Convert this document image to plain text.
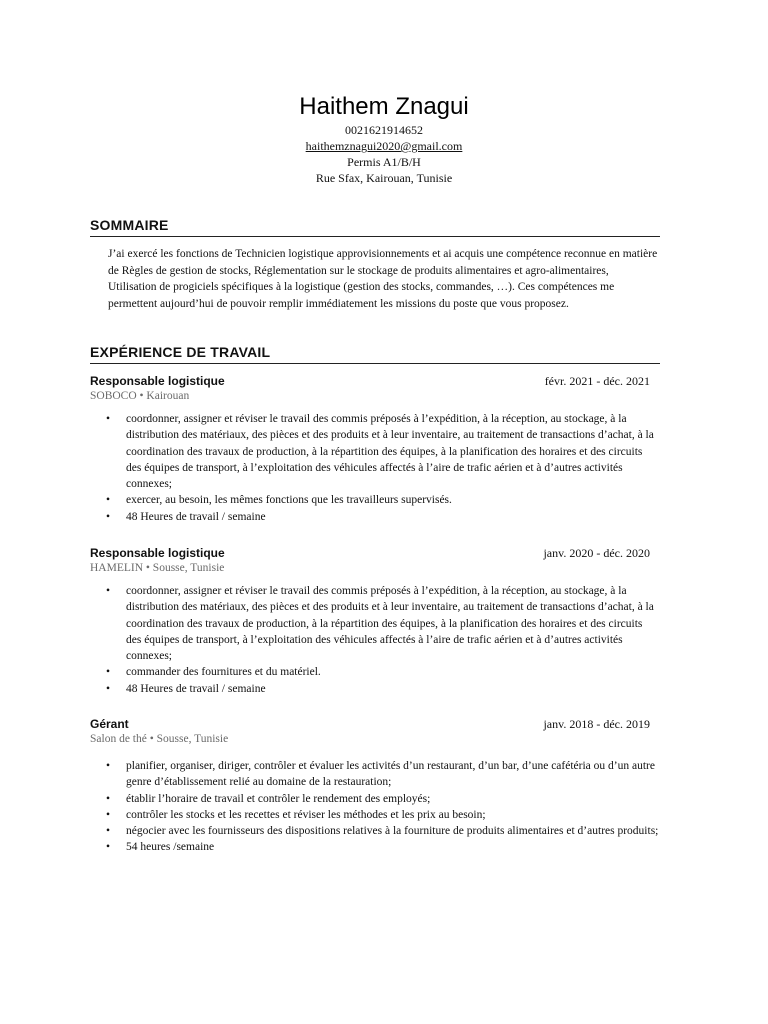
Haithem Znagui
0021621914652
haithemznagui2020@gmail.com
Permis A1/B/H
Rue Sfax, Kairouan, Tunisie
SOMMAIRE
J’ai exercé les fonctions de Technicien logistique approvisionnements et ai acquis une compétence reconnue en matière de Règles de gestion de stocks, Réglementation sur le stockage de produits alimentaires et agro-alimentaires, Utilisation de progiciels spécifiques à la logistique (gestion des stocks, commandes, …). Ces compétences me permettent aujourd’hui de pouvoir remplir immédiatement les missions du poste que vous proposez.
EXPÉRIENCE DE TRAVAIL
Responsable logistique	févr. 2021 - déc. 2021
SOBOCO • Kairouan
• coordonner, assigner et réviser le travail des commis préposés à l’expédition, à la réception, au stockage, à la distribution des matériaux, des pièces et des produits et à leur inventaire, au traitement de transactions d’achat, à la coordination des travaux de production, à la répartition des équipes, à la planification des horaires et des circuits des équipes de transport, à l’exploitation des véhicules affectés à l’aire de trafic aérien et à d’autres activités connexes;
• exercer, au besoin, les mêmes fonctions que les travailleurs supervisés.
• 48 Heures de travail / semaine
Responsable logistique	janv. 2020 - déc. 2020
HAMELIN • Sousse, Tunisie
• coordonner, assigner et réviser le travail des commis préposés à l’expédition, à la réception, au stockage, à la distribution des matériaux, des pièces et des produits et à leur inventaire, au traitement de transactions d’achat, à la coordination des travaux de production, à la répartition des équipes, à la planification des horaires et des circuits des équipes de transport, à l’exploitation des véhicules affectés à l’aire de trafic aérien et à d’autres activités connexes;
• commander des fournitures et du matériel.
• 48 Heures de travail / semaine
Gérant	janv. 2018 - déc. 2019
Salon de thé • Sousse, Tunisie
• planifier, organiser, diriger, contrôler et évaluer les activités d’un restaurant, d’un bar, d’une cafétéria ou d’un autre genre d’établissement relié au domaine de la restauration;
• établir l’horaire de travail et contrôler le rendement des employés;
• contrôler les stocks et les recettes et réviser les méthodes et les prix au besoin;
• négocier avec les fournisseurs des dispositions relatives à la fourniture de produits alimentaires et d’autres produits;
• 54 heures /semaine
